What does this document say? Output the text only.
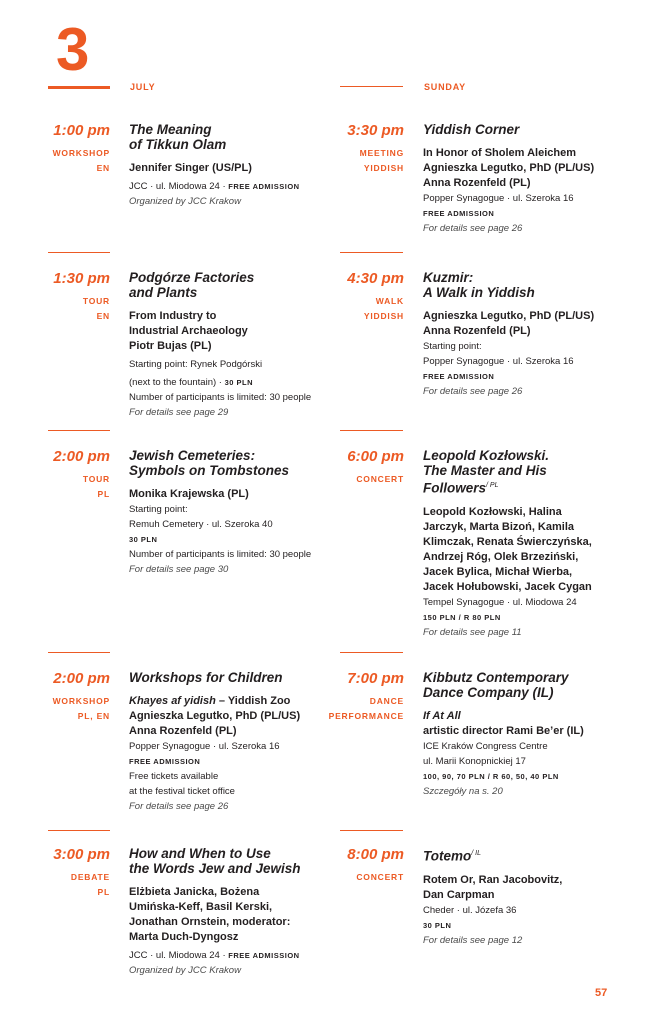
3
JULY	SUNDAY
1:00 pm
WORKSHOP
EN
The Meaning
of Tikkun Olam
Jennifer Singer (US/PL)
JCC · ul. Miodowa 24 · FREE ADMISSION
Organized by JCC Krakow
1:30 pm
TOUR
EN
Podgórze Factories
and Plants
From Industry to
Industrial Archaeology
Piotr Bujas (PL)
Starting point: Rynek Podgórski
(next to the fountain) · 30 PLN
Number of participants is limited: 30 people
For details see page 29
2:00 pm
TOUR
PL
Jewish Cemeteries:
Symbols on Tombstones
Monika Krajewska (PL)
Starting point:
Remuh Cemetery · ul. Szeroka 40
30 PLN
Number of participants is limited: 30 people
For details see page 30
2:00 pm
WORKSHOP
PL, EN
Workshops for Children
Khayes af yidish – Yiddish Zoo
Agnieszka Legutko, PhD (PL/US)
Anna Rozenfeld (PL)
Popper Synagogue · ul. Szeroka 16
FREE ADMISSION
Free tickets available
at the festival ticket office
For details see page 26
3:00 pm
DEBATE
PL
How and When to Use
the Words Jew and Jewish
Elżbieta Janicka, Bożena
Umińska-Keff, Basil Kerski,
Jonathan Ornstein, moderator:
Marta Duch-Dyngosz
JCC · ul. Miodowa 24 · FREE ADMISSION
Organized by JCC Krakow
3:30 pm
MEETING
YIDDISH
Yiddish Corner
In Honor of Sholem Aleichem
Agnieszka Legutko, PhD (PL/US)
Anna Rozenfeld (PL)
Popper Synagogue · ul. Szeroka 16
FREE ADMISSION
For details see page 26
4:30 pm
WALK
YIDDISH
Kuzmir:
A Walk in Yiddish
Agnieszka Legutko, PhD (PL/US)
Anna Rozenfeld (PL)
Starting point:
Popper Synagogue · ul. Szeroka 16
FREE ADMISSION
For details see page 26
6:00 pm
CONCERT
Leopold Kozłowski.
The Master and His
Followers$^{/ PL}$
Leopold Kozłowski, Halina
Jarczyk, Marta Bizoń, Kamila
Klimczak, Renata Świerczyńska,
Andrzej Róg, Olek Brzeziński,
Jacek Bylica, Michał Wierba,
Jacek Hołubowski, Jacek Cygan
Tempel Synagogue · ul. Miodowa 24
150 PLN / R 80 PLN
For details see page 11
7:00 pm
DANCE
PERFORMANCE
Kibbutz Contemporary
Dance Company (IL)
If At All
artistic director Rami Be’er (IL)
ICE Kraków Congress Centre
ul. Marii Konopnickiej 17
100, 90, 70 PLN / R 60, 50, 40 PLN
Szczegóły na s. 20
8:00 pm
CONCERT
Totemo$^{/ IL}$
Rotem Or, Ran Jacobovitz,
Dan Carpman
Cheder · ul. Józefa 36
30 PLN
For details see page 12
57
